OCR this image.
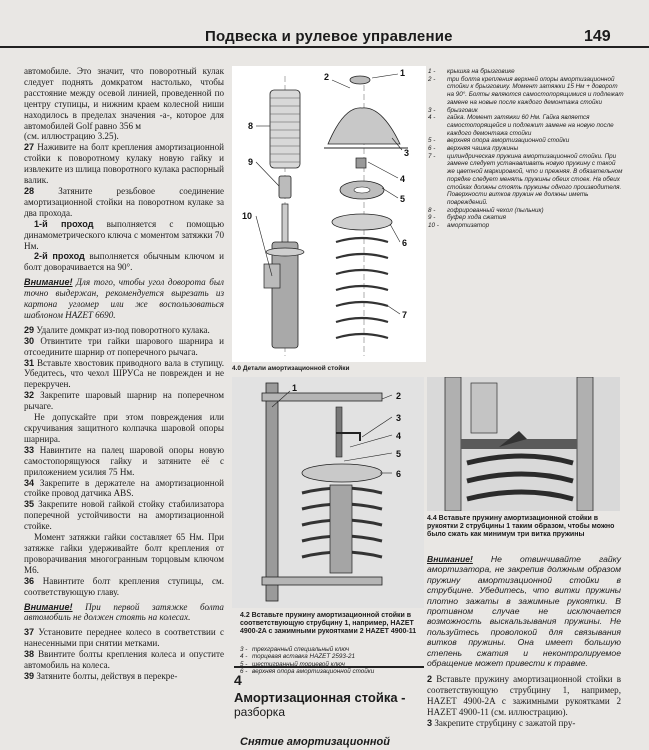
Подвеска и рулевое управление	149

автомобиле. Это значит, что поворотный кулак следует поднять домкратом настолько, чтобы расстояние между осевой линией, проведенной по центру ступицы, и нижним краем колесной ниши находилось в пределах значения -а-, которое для автомобилей Golf равно 356 м
(см. иллюстрацию 3.25).

27 Наживите на болт крепления амортизационной стойки к поворотному кулаку новую гайку и извлеките из шлица поворотного кулака распорный валик.

28	Затяните резьбовое соединение амортизационной стойки на поворотном кулаке за два прохода.

1-й проход выполняется с помощью динамометрического ключа с моментом затяжки 70 Нм.

2-й проход выполняется обычным ключом и болт доворачивается на 90°.

Внимание! Для того, чтобы угол доворота был точно выдержан, рекомендуется вырезать из картона угломер или же воспользоваться шаблоном HAZET 6690.

29 Удалите домкрат из-под поворотного кулака.

30 Отвинтите три гайки шарового шарнира и отсоедините шарнир от поперечного рычага.

31 Вставьте хвостовик приводного вала в ступицу. Убедитесь, что чехол ШРУСа не поврежден и не перекручен.

32 Закрепите шаровый шарнир на поперечном рычаге.

Не допускайте при этом повреждения или скручивания защитного колпачка шаровой опоры шарнира.

33 Навинтите на палец шаровой опоры новую самостопорящуюся гайку и затяните её с приложением усилия 75 Нм.

34 Закрепите в держателе на амортизационной стойке провод датчика ABS.

35 Закрепите новой гайкой стойку стабилизатора поперечной устойчивости на амортизационной стойке.

Момент затяжки гайки составляет 65 Нм. При затяжке гайки удерживайте болт крепления от проворачивания многогранным торцовым ключом М6.

36 Навинтите болт крепления ступицы, см. соответствующую главу.

Внимание! При первой затяжке болта автомобиль не должен стоять на колесах.

37 Установите переднее колесо в соответствии с нанесенными при снятии метками.

38 Ввинтите болты крепления колеса и опустите автомобиль на колеса.

39 Затяните болты, действуя в перекре-

1
2
3
4
5
6
7
8
9
10
4.0 Детали амортизационной стойки
1 -	крышка на брызговике
2 -	три болта крепления верхней опоры амортизационной стойки к брызговику. Момент затяжки 15 Нм + доворот на 90°. Болты являются самостопорящимися и подлежат замене на новые после каждого демонтажа стойки
3 -	брызговик
4 -	гайка. Момент затяжки 60 Нм. Гайка является самостопорящейся и подлежит замене на новую после каждого демонтажа стойки
5 -	верхняя опора амортизационной стойки
6 -	верхняя чашка пружины
7 -	цилиндрическая пружина амортизационной стойки. При замене следует устанавливать новую пружину с такой же цветной маркировкой, что и прежняя. В обязательном порядке следует менять пружины обеих стоек. На обеих стойках должны стоять пружины одного производителя. Поверхности витков пружин не должны иметь повреждений.
8 -	гофрированный чехол (пыльник)
9 -	буфер хода сжатия
10 -	амортизатор
1
2
3
4
5
6
4.2 Вставьте пружину амортизационной стойки в соответствующую струбцину 1, например, HAZET 4900-2A с зажимными рукоятками 2 HAZET 4900-11
3 - трехгранный специальный ключ
4 - торцевая вставка HAZET 2593-21
5 - шестигранный торцевой ключ
6 - верхняя опора амортизационной стойки
4
Амортизационная стойка -
разборка
Снятие амортизационной
4.4 Вставьте пружину амортизационной стойки в рукоятки 2 струбцины 1 таким образом, чтобы можно было сжать как минимум три витка пружины

Внимание! Не отвинчивайте гайку амортизатора, не закрепив должным образом пружину амортизационной стойки в струбцине. Убедитесь, что витки пружины плотно зажаты в зажимные рукоятки. В противном случае не исключается возможность выскальзывания пружины. Не пользуйтесь проволокой для связывания витков пружины. Она имеет большую степень сжатия и неконтролируемое обращение может привести к травме.

2 Вставьте пружину амортизационной стойки в соответствующую струбцину 1, например, HAZET 4900-2A с зажимными рукоятками 2 HAZET 4900-11 (см. иллюстрацию).

3 Закрепите струбцину с зажатой пру-
